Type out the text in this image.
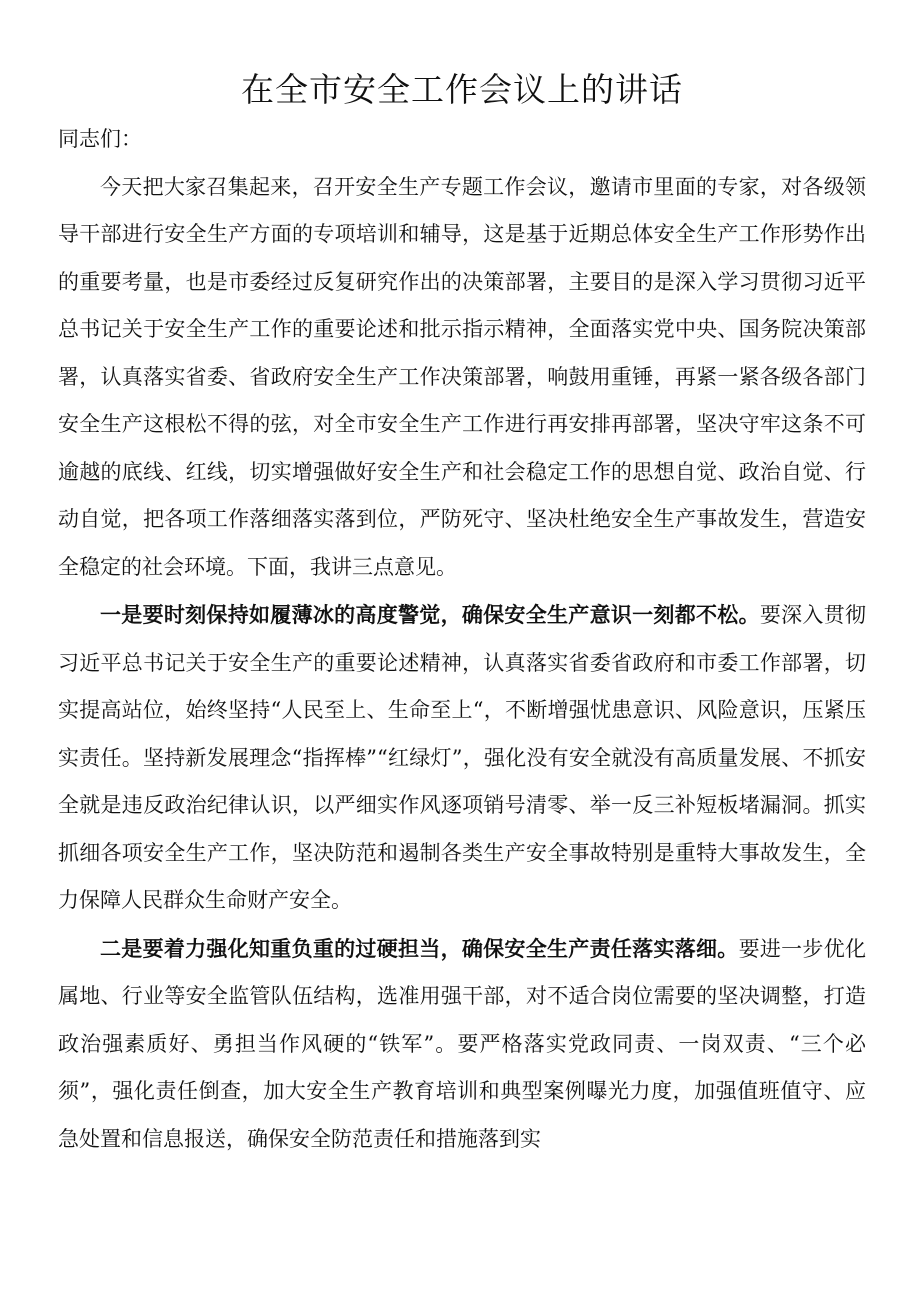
在全市安全工作会议上的讲话

同志们：

今天把大家召集起来，召开安全生产专题工作会议，邀请市里面的专家，对各级领导干部进行安全生产方面的专项培训和辅导，这是基于近期总体安全生产工作形势作出的重要考量，也是市委经过反复研究作出的决策部署，主要目的是深入学习贯彻习近平总书记关于安全生产工作的重要论述和批示指示精神，全面落实党中央、国务院决策部署，认真落实省委、省政府安全生产工作决策部署，响鼓用重锤，再紧一紧各级各部门安全生产这根松不得的弦，对全市安全生产工作进行再安排再部署，坚决守牢这条不可逾越的底线、红线，切实增强做好安全生产和社会稳定工作的思想自觉、政治自觉、行动自觉，把各项工作落细落实落到位，严防死守、坚决杜绝安全生产事故发生，营造安全稳定的社会环境。下面，我讲三点意见。

一是要时刻保持如履薄冰的高度警觉，确保安全生产意识一刻都不松。要深入贯彻习近平总书记关于安全生产的重要论述精神，认真落实省委省政府和市委工作部署，切实提高站位，始终坚持“人民至上、生命至上“，不断增强忧患意识、风险意识，压紧压实责任。坚持新发展理念“指挥棒”“红绿灯”，强化没有安全就没有高质量发展、不抓安全就是违反政治纪律认识，以严细实作风逐项销号清零、举一反三补短板堵漏洞。抓实抓细各项安全生产工作，坚决防范和遏制各类生产安全事故特别是重特大事故发生，全力保障人民群众生命财产安全。

二是要着力强化知重负重的过硬担当，确保安全生产责任落实落细。要进一步优化属地、行业等安全监管队伍结构，选准用强干部，对不适合岗位需要的坚决调整，打造政治强素质好、勇担当作风硬的“铁军”。要严格落实党政同责、一岗双责、“三个必须”，强化责任倒查，加大安全生产教育培训和典型案例曝光力度，加强值班值守、应急处置和信息报送，确保安全防范责任和措施落到实
